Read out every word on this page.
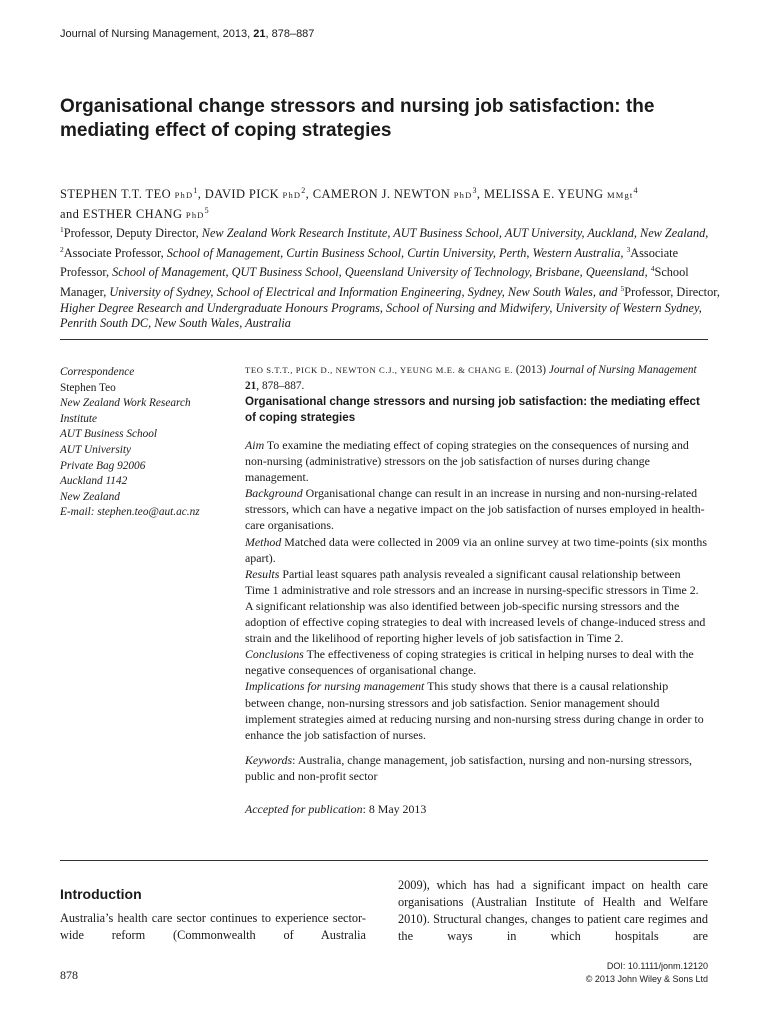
Journal of Nursing Management, 2013, 21, 878–887
Organisational change stressors and nursing job satisfaction: the mediating effect of coping strategies

STEPHEN T.T. TEO PhD$^1$, DAVID PICK PhD$^2$, CAMERON J. NEWTON PhD$^3$, MELISSA E. YEUNG MMgt$^4$
and ESTHER CHANG PhD$^5$

$^1$Professor, Deputy Director, New Zealand Work Research Institute, AUT Business School, AUT University, Auckland, New Zealand, $^2$Associate Professor, School of Management, Curtin Business School, Curtin University, Perth, Western Australia, $^3$Associate Professor, School of Management, QUT Business School, Queensland University of Technology, Brisbane, Queensland, $^4$School Manager, University of Sydney, School of Electrical and Information Engineering, Sydney, New South Wales, and $^5$Professor, Director, Higher Degree Research and Undergraduate Honours Programs, School of Nursing and Midwifery, University of Western Sydney, Penrith South DC, New South Wales, Australia

Correspondence
Stephen Teo
New Zealand Work Research
Institute
AUT Business School
AUT University
Private Bag 92006
Auckland 1142
New Zealand
E-mail: stephen.teo@aut.ac.nz

TEO S.T.T., PICK D., NEWTON C.J., YEUNG M.E. & CHANG E. (2013) Journal of Nursing Management 21, 878–887.

Organisational change stressors and nursing job satisfaction: the mediating effect of coping strategies

Aim To examine the mediating effect of coping strategies on the consequences of nursing and non-nursing (administrative) stressors on the job satisfaction of nurses during change management.
Background Organisational change can result in an increase in nursing and non-nursing-related stressors, which can have a negative impact on the job satisfaction of nurses employed in health-care organisations.
Method Matched data were collected in 2009 via an online survey at two time-points (six months apart).
Results Partial least squares path analysis revealed a significant causal relationship between Time 1 administrative and role stressors and an increase in nursing-specific stressors in Time 2. A significant relationship was also identified between job-specific nursing stressors and the adoption of effective coping strategies to deal with increased levels of change-induced stress and strain and the likelihood of reporting higher levels of job satisfaction in Time 2.
Conclusions The effectiveness of coping strategies is critical in helping nurses to deal with the negative consequences of organisational change.
Implications for nursing management This study shows that there is a causal relationship between change, non-nursing stressors and job satisfaction. Senior management should implement strategies aimed at reducing nursing and non-nursing stress during change in order to enhance the job satisfaction of nurses.

Keywords: Australia, change management, job satisfaction, nursing and non-nursing stressors, public and non-profit sector

Accepted for publication: 8 May 2013

Introduction

Australia’s health care sector continues to experience sector-wide reform (Commonwealth of Australia

2009), which has had a significant impact on health care organisations (Australian Institute of Health and Welfare 2010). Structural changes, changes to patient care regimes and the ways in which hospitals are

878
DOI: 10.1111/jonm.12120
© 2013 John Wiley & Sons Ltd
